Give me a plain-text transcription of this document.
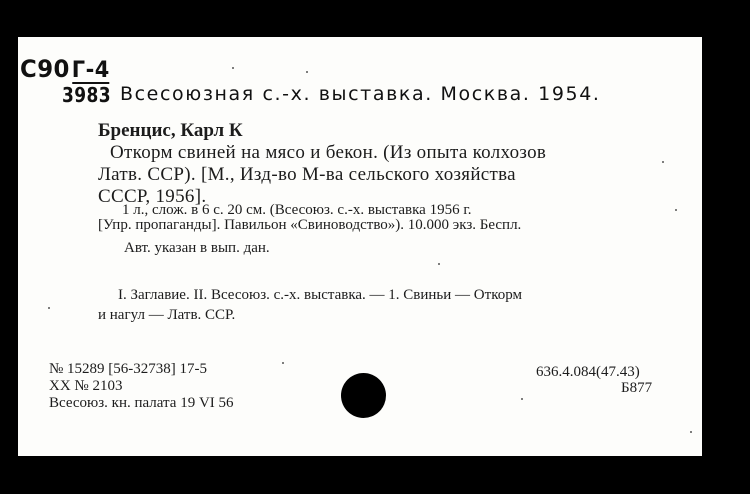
С90Г-4
3983 Всесоюзная с.-х. выставка. Москва. 1954.
Бренцис, Карл К
Откорм свиней на мясо и бекон. (Из опыта колхозов
Латв. ССР). [М., Изд-во М-ва сельского хозяйства
СССР, 1956].
1 л., слож. в 6 с. 20 см. (Всесоюз. с.-х. выставка 1956 г.
[Упр. пропаганды]. Павильон «Свиноводство»). 10.000 экз. Беспл.
Авт. указан в вып. дан.
I. Заглавие. II. Всесоюз. с.-х. выставка. — 1. Свиньи — Откорм
и нагул — Латв. ССР.
№ 15289 [56-32738] 17-5
XX № 2103
Всесоюз. кн. палата 19 VI 56
636.4.084(47.43)
Б877
